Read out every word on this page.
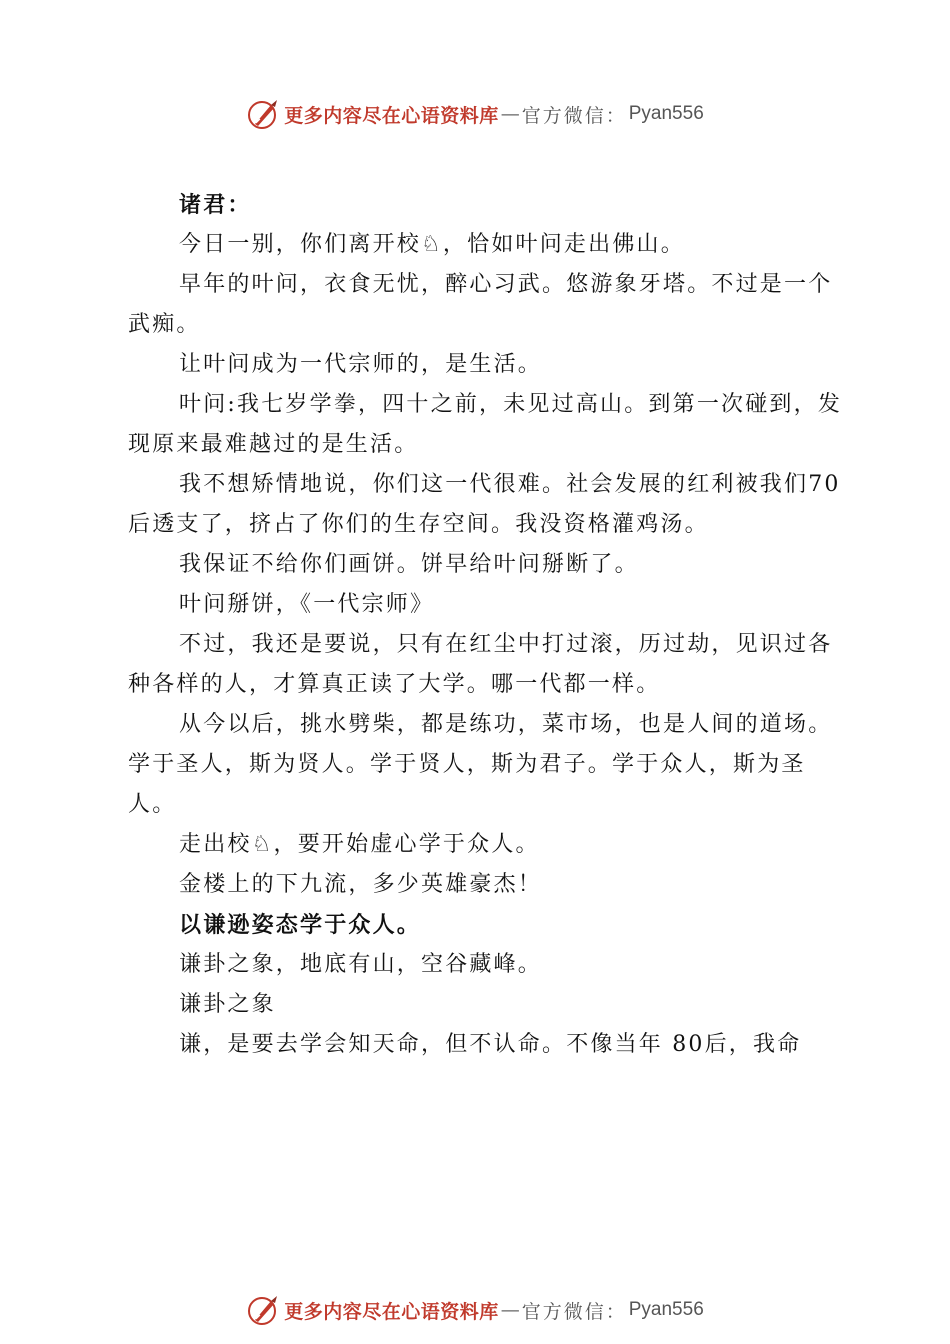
更多内容尽在心语资料库 — 官方微信： Pyan556

诸君：

今日一别，你们离开校♘，恰如叶问走出佛山。

早年的叶问，衣食无忧，醉心习武。悠游象牙塔。不过是一个武痴。

让叶问成为一代宗师的，是生活。

叶问:我七岁学拳，四十之前，未见过高山。到第一次碰到，发现原来最难越过的是生活。

我不想矫情地说，你们这一代很难。社会发展的红利被我们70后透支了，挤占了你们的生存空间。我没资格灌鸡汤。

我保证不给你们画饼。饼早给叶问掰断了。

叶问掰饼，《一代宗师》

不过，我还是要说，只有在红尘中打过滚，历过劫，见识过各种各样的人，才算真正读了大学。哪一代都一样。

从今以后，挑水劈柴，都是练功，菜市场，也是人间的道场。学于圣人，斯为贤人。学于贤人，斯为君子。学于众人，斯为圣人。

走出校♘，要开始虚心学于众人。

金楼上的下九流，多少英雄豪杰！

以谦逊姿态学于众人。

谦卦之象，地底有山，空谷藏峰。

谦卦之象

谦，是要去学会知天命，但不认命。不像当年 80后，我命

更多内容尽在心语资料库 — 官方微信： Pyan556
